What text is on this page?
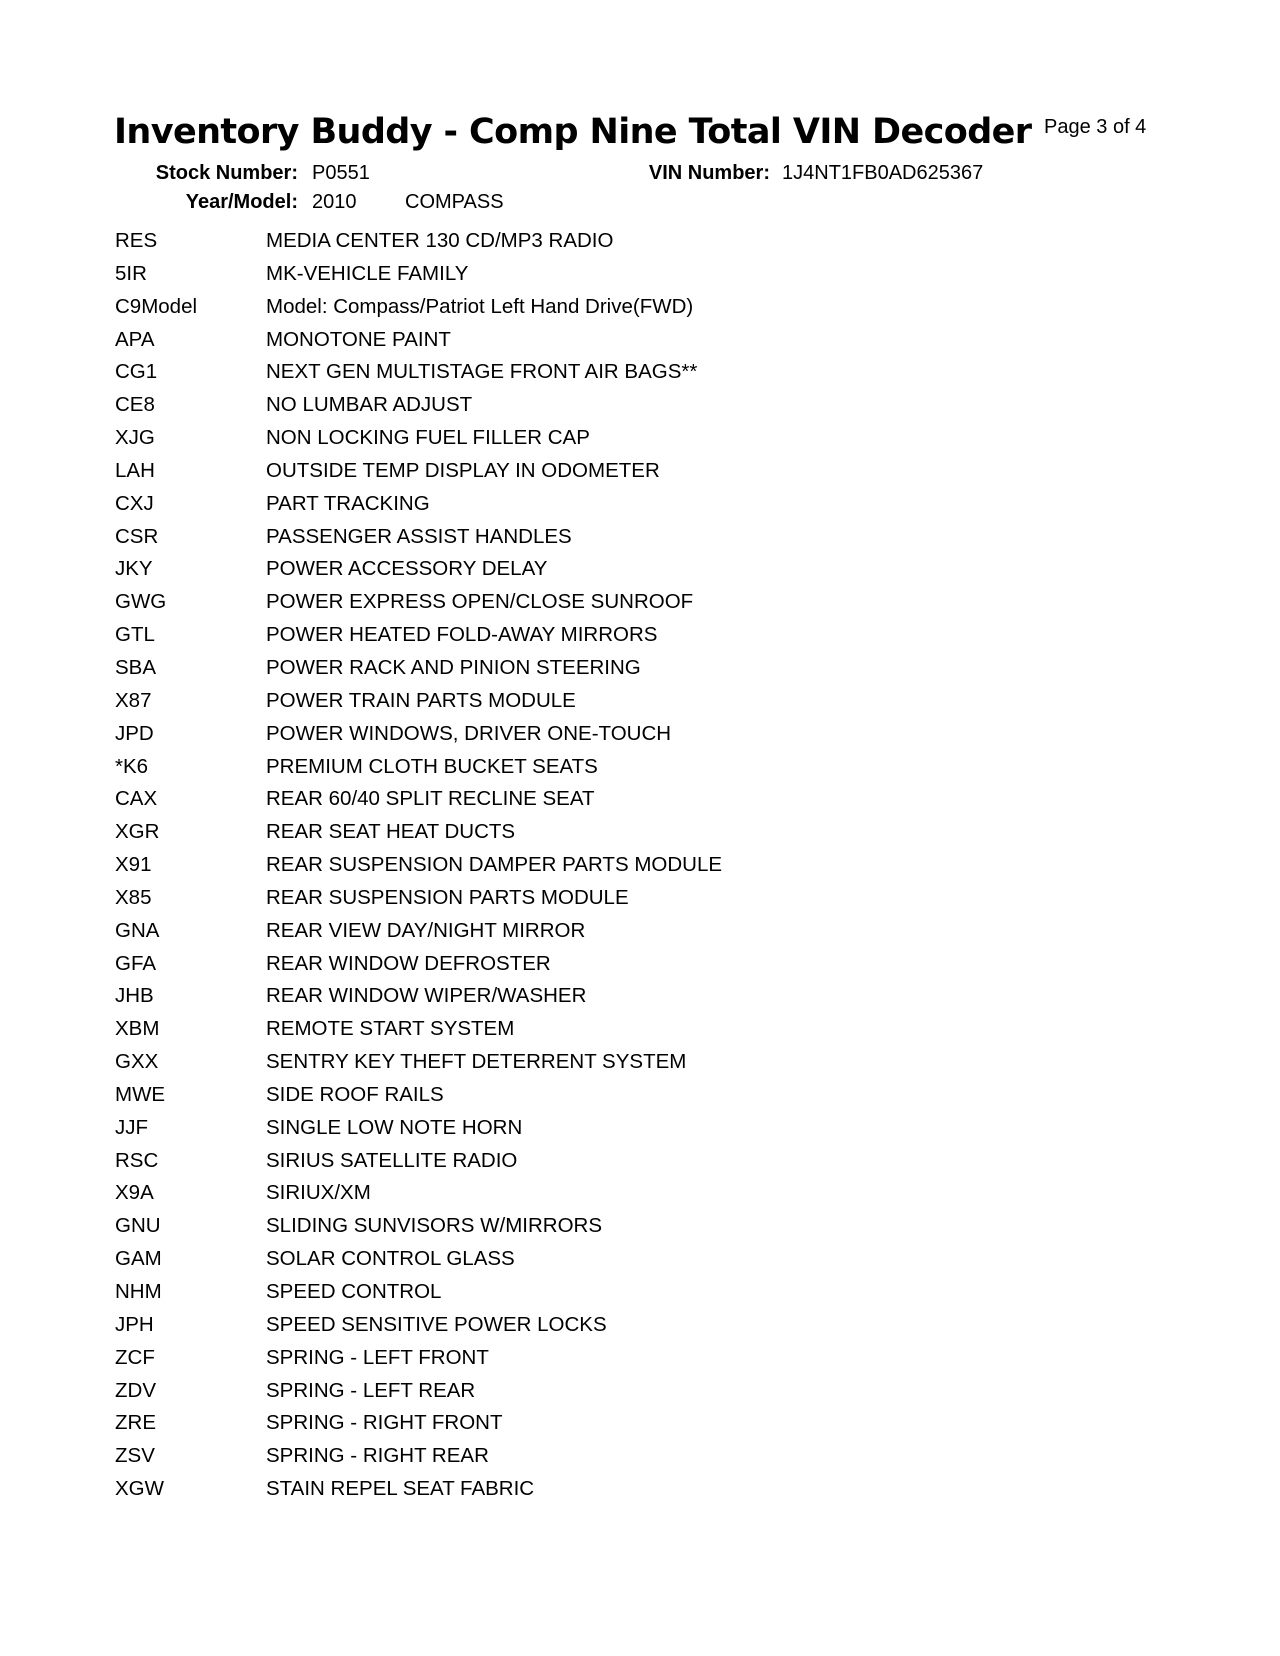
Inventory Buddy - Comp Nine Total VIN Decoder Page 3 of 4
Stock Number: P0551
Year/Model: 2010 COMPASS
VIN Number: 1J4NT1FB0AD625367
RES	MEDIA CENTER 130 CD/MP3 RADIO
5IR	MK-VEHICLE FAMILY
C9Model	Model: Compass/Patriot Left Hand Drive(FWD)
APA	MONOTONE PAINT
CG1	NEXT GEN MULTISTAGE FRONT AIR BAGS**
CE8	NO LUMBAR ADJUST
XJG	NON LOCKING FUEL FILLER CAP
LAH	OUTSIDE TEMP DISPLAY IN ODOMETER
CXJ	PART TRACKING
CSR	PASSENGER ASSIST HANDLES
JKY	POWER ACCESSORY DELAY
GWG	POWER EXPRESS OPEN/CLOSE SUNROOF
GTL	POWER HEATED FOLD-AWAY MIRRORS
SBA	POWER RACK AND PINION STEERING
X87	POWER TRAIN PARTS MODULE
JPD	POWER WINDOWS, DRIVER ONE-TOUCH
*K6	PREMIUM CLOTH BUCKET SEATS
CAX	REAR 60/40 SPLIT RECLINE SEAT
XGR	REAR SEAT HEAT DUCTS
X91	REAR SUSPENSION DAMPER PARTS MODULE
X85	REAR SUSPENSION PARTS MODULE
GNA	REAR VIEW DAY/NIGHT MIRROR
GFA	REAR WINDOW DEFROSTER
JHB	REAR WINDOW WIPER/WASHER
XBM	REMOTE START SYSTEM
GXX	SENTRY KEY THEFT DETERRENT SYSTEM
MWE	SIDE ROOF RAILS
JJF	SINGLE LOW NOTE HORN
RSC	SIRIUS SATELLITE RADIO
X9A	SIRIUX/XM
GNU	SLIDING SUNVISORS W/MIRRORS
GAM	SOLAR CONTROL GLASS
NHM	SPEED CONTROL
JPH	SPEED SENSITIVE POWER LOCKS
ZCF	SPRING - LEFT FRONT
ZDV	SPRING - LEFT REAR
ZRE	SPRING - RIGHT FRONT
ZSV	SPRING - RIGHT REAR
XGW	STAIN REPEL SEAT FABRIC
